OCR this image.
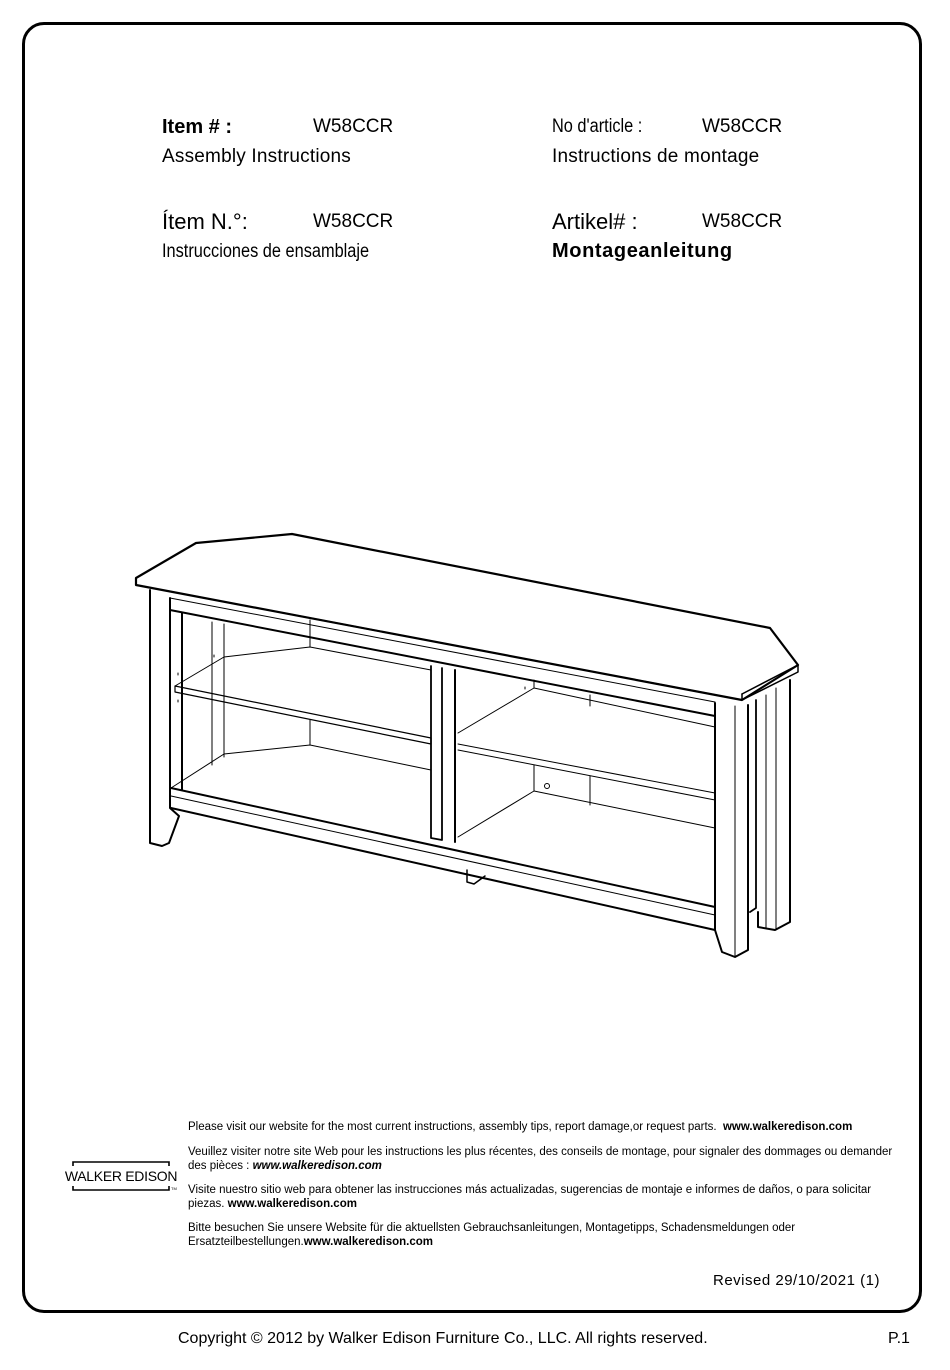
Item # :	W58CCR
Assembly Instructions
No d'article :	W58CCR
Instructions de montage
Ítem N.°:	W58CCR
Instrucciones de ensamblaje
Artikel# :	W58CCR
Montageanleitung

Please visit our website for the most current instructions, assembly tips, report damage,or request parts. www.walkeredison.com

Veuillez visiter notre site Web pour les instructions les plus récentes, des conseils de montage, pour signaler des dommages ou demander des pièces : www.walkeredison.com

Visite nuestro sitio web para obtener las instrucciones más actualizadas, sugerencias de montaje e informes de daños, o para solicitar piezas. www.walkeredison.com

Bitte besuchen Sie unsere Website für die aktuellsten Gebrauchsanleitungen, Montagetipps, Schadensmeldungen oder Ersatzteilbestellungen.www.walkeredison.com

WALKER EDISON
TM
Revised 29/10/2021 (1)
Copyright © 2012 by Walker Edison Furniture Co., LLC. All rights reserved.	P.1
